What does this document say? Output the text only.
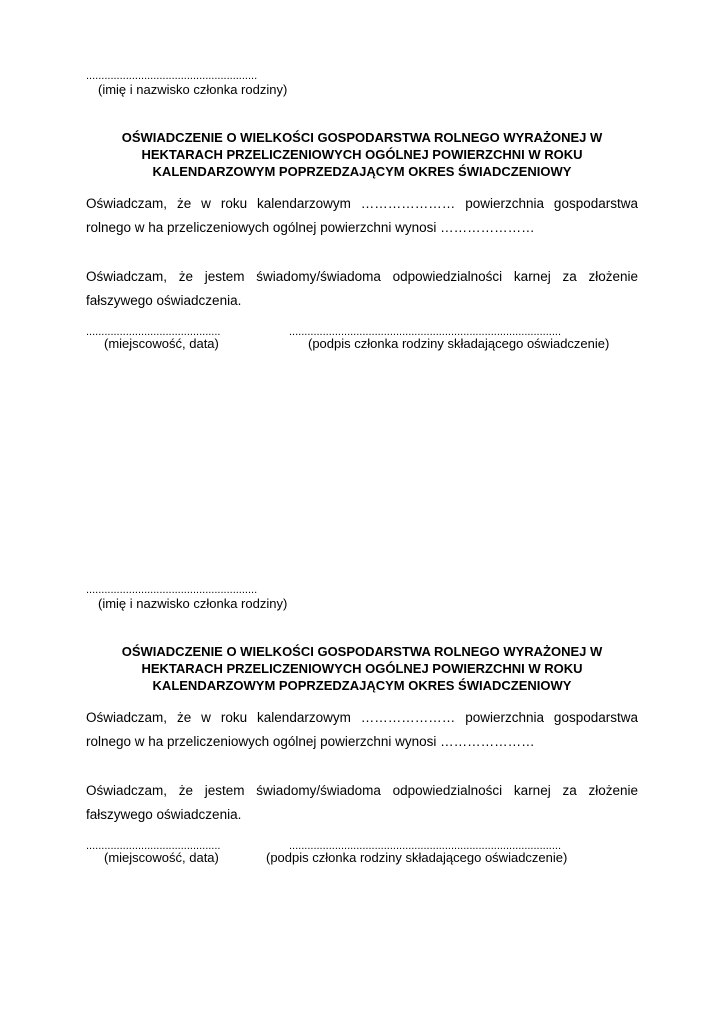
........................................................
(imię i nazwisko członka rodziny)

OŚWIADCZENIE O WIELKOŚCI GOSPODARSTWA ROLNEGO WYRAŻONEJ W
HEKTARACH PRZELICZENIOWYCH OGÓLNEJ POWIERZCHNI W ROKU
KALENDARZOWYM POPRZEDZAJĄCYM OKRES ŚWIADCZENIOWY

Oświadczam, że w roku kalendarzowym ………………… powierzchnia gospodarstwa rolnego w ha przeliczeniowych ogólnej powierzchni wynosi …………………

Oświadczam, że jestem świadomy/świadoma odpowiedzialności karnej za złożenie fałszywego oświadczenia.

............................................	.........................................................................................
(miejscowość, data)	(podpis członka rodziny składającego oświadczenie)
........................................................
(imię i nazwisko członka rodziny)

OŚWIADCZENIE O WIELKOŚCI GOSPODARSTWA ROLNEGO WYRAŻONEJ W
HEKTARACH PRZELICZENIOWYCH OGÓLNEJ POWIERZCHNI W ROKU
KALENDARZOWYM POPRZEDZAJĄCYM OKRES ŚWIADCZENIOWY

Oświadczam, że w roku kalendarzowym ………………… powierzchnia gospodarstwa rolnego w ha przeliczeniowych ogólnej powierzchni wynosi …………………

Oświadczam, że jestem świadomy/świadoma odpowiedzialności karnej za złożenie fałszywego oświadczenia.

............................................	.........................................................................................
(miejscowość, data)	(podpis członka rodziny składającego oświadczenie)
